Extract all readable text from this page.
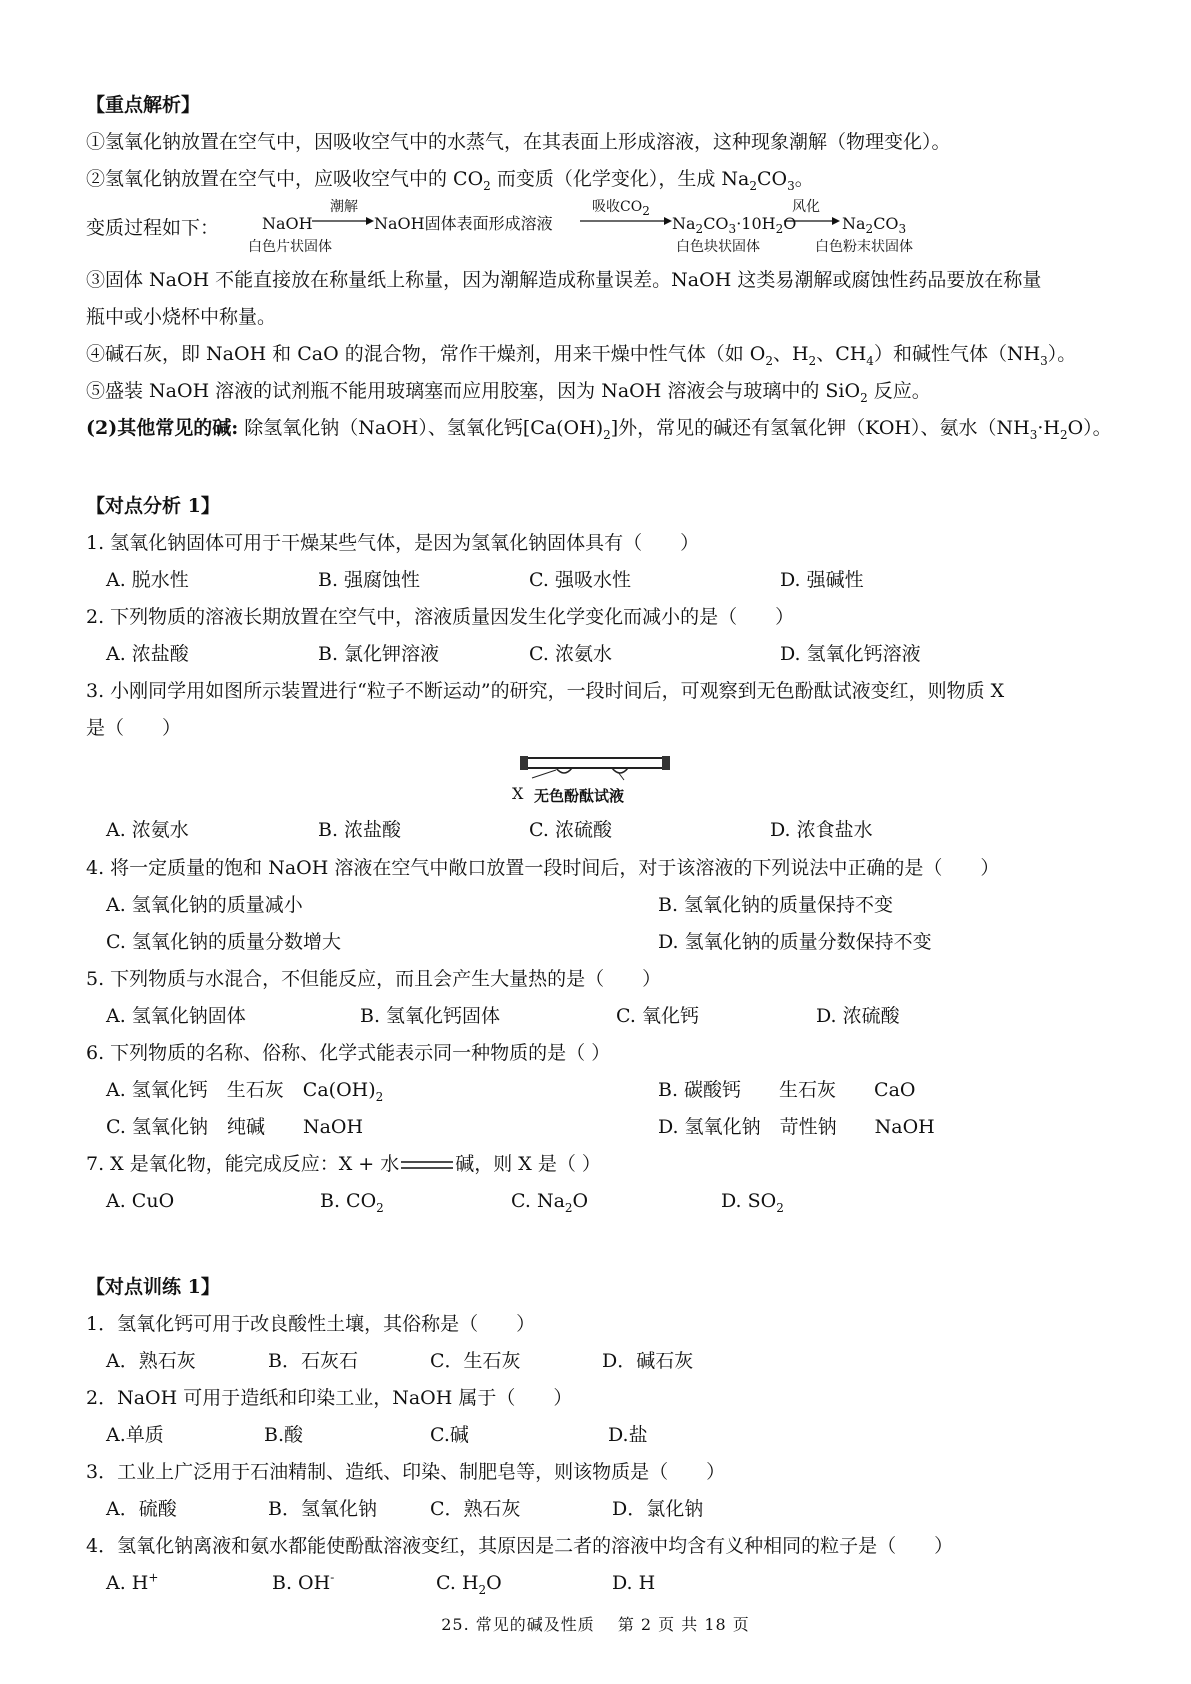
【重点解析】
①氢氧化钠放置在空气中，因吸收空气中的水蒸气，在其表面上形成溶液，这种现象潮解（物理变化）。
②氢氧化钠放置在空气中，应吸收空气中的 $CO_2$ 而变质（化学变化），生成 $Na_2CO_3$。
变质过程如下：	NaOH
潮解
NaOH固体表面形成溶液
吸收$CO_2$
$Na_2CO_3\cdot 10H_2O$
风化
$Na_2CO_3$
白色片状固体	白色块状固体	白色粉末状固体
③固体 NaOH 不能直接放在称量纸上称量，因为潮解造成称量误差。NaOH 这类易潮解或腐蚀性药品要放在称量
瓶中或小烧杯中称量。
④碱石灰，即 NaOH 和 CaO 的混合物，常作干燥剂，用来干燥中性气体（如 $O_2$、$H_2$、$CH_4$）和碱性气体$(NH_3)$。
⑤盛装 NaOH 溶液的试剂瓶不能用玻璃塞而应用胶塞，因为 NaOH 溶液会与玻璃中的 SiO$_2$ 反应。
(2)其他常见的碱: 除氢氧化钠（NaOH）、氢氧化钙$[Ca(OH)_2]$外，常见的碱还有氢氧化钾（KOH）、氨水$(NH_3\cdot H_2O)$。
【对点分析 1】
1. 氢氧化钠固体可用于干燥某些气体，是因为氢氧化钠固体具有（　　）
A. 脱水性	B. 强腐蚀性	C. 强吸水性	D. 强碱性
2. 下列物质的溶液长期放置在空气中，溶液质量因发生化学变化而减小的是（　　）
A. 浓盐酸	B. 氯化钾溶液	C. 浓氨水	D. 氢氧化钙溶液
3. 小刚同学用如图所示装置进行“粒子不断运动”的研究，一段时间后，可观察到无色酚酞试液变红，则物质 X
是（　　）
X 无色酚酞试液
A. 浓氨水	B. 浓盐酸	C. 浓硫酸	D. 浓食盐水
4. 将一定质量的饱和 NaOH 溶液在空气中敞口放置一段时间后，对于该溶液的下列说法中正确的是（　　）
A. 氢氧化钠的质量减小	B. 氢氧化钠的质量保持不变
C. 氢氧化钠的质量分数增大	D. 氢氧化钠的质量分数保持不变
5. 下列物质与水混合，不但能反应，而且会产生大量热的是（　　）
A. 氢氧化钠固体	B. 氢氧化钙固体	C. 氧化钙	D. 浓硫酸
6. 下列物质的名称、俗称、化学式能表示同一种物质的是（ ）
A. 氢氧化钙　生石灰　$Ca(OH)_2$	B. 碳酸钙　　生石灰　　CaO
C. 氢氧化钠　纯碱　　NaOH	D. 氢氧化钠　苛性钠　　NaOH
7. X 是氧化物，能完成反应：X + 水	碱，则 X 是（ ）
A. CuO	B. $CO_2$	C. $Na_2O$	D. $SO_2$
【对点训练 1】
1．氢氧化钙可用于改良酸性土壤，其俗称是（　　）
A．熟石灰	B．石灰石	C．生石灰	D．碱石灰
2．NaOH 可用于造纸和印染工业，NaOH 属于（　　）
A.单质	B.酸	C.碱	D.盐
3．工业上广泛用于石油精制、造纸、印染、制肥皂等，则该物质是（　　）
A．硫酸	B．氢氧化钠	C．熟石灰	D．氯化钠
4．氢氧化钠离液和氨水都能使酚酞溶液变红，其原因是二者的溶液中均含有义种相同的粒子是（　　）
A. H+	B. OH-	C. $H_2O$	D. H
25. 常见的碱及性质　 第 2 页 共 18 页
